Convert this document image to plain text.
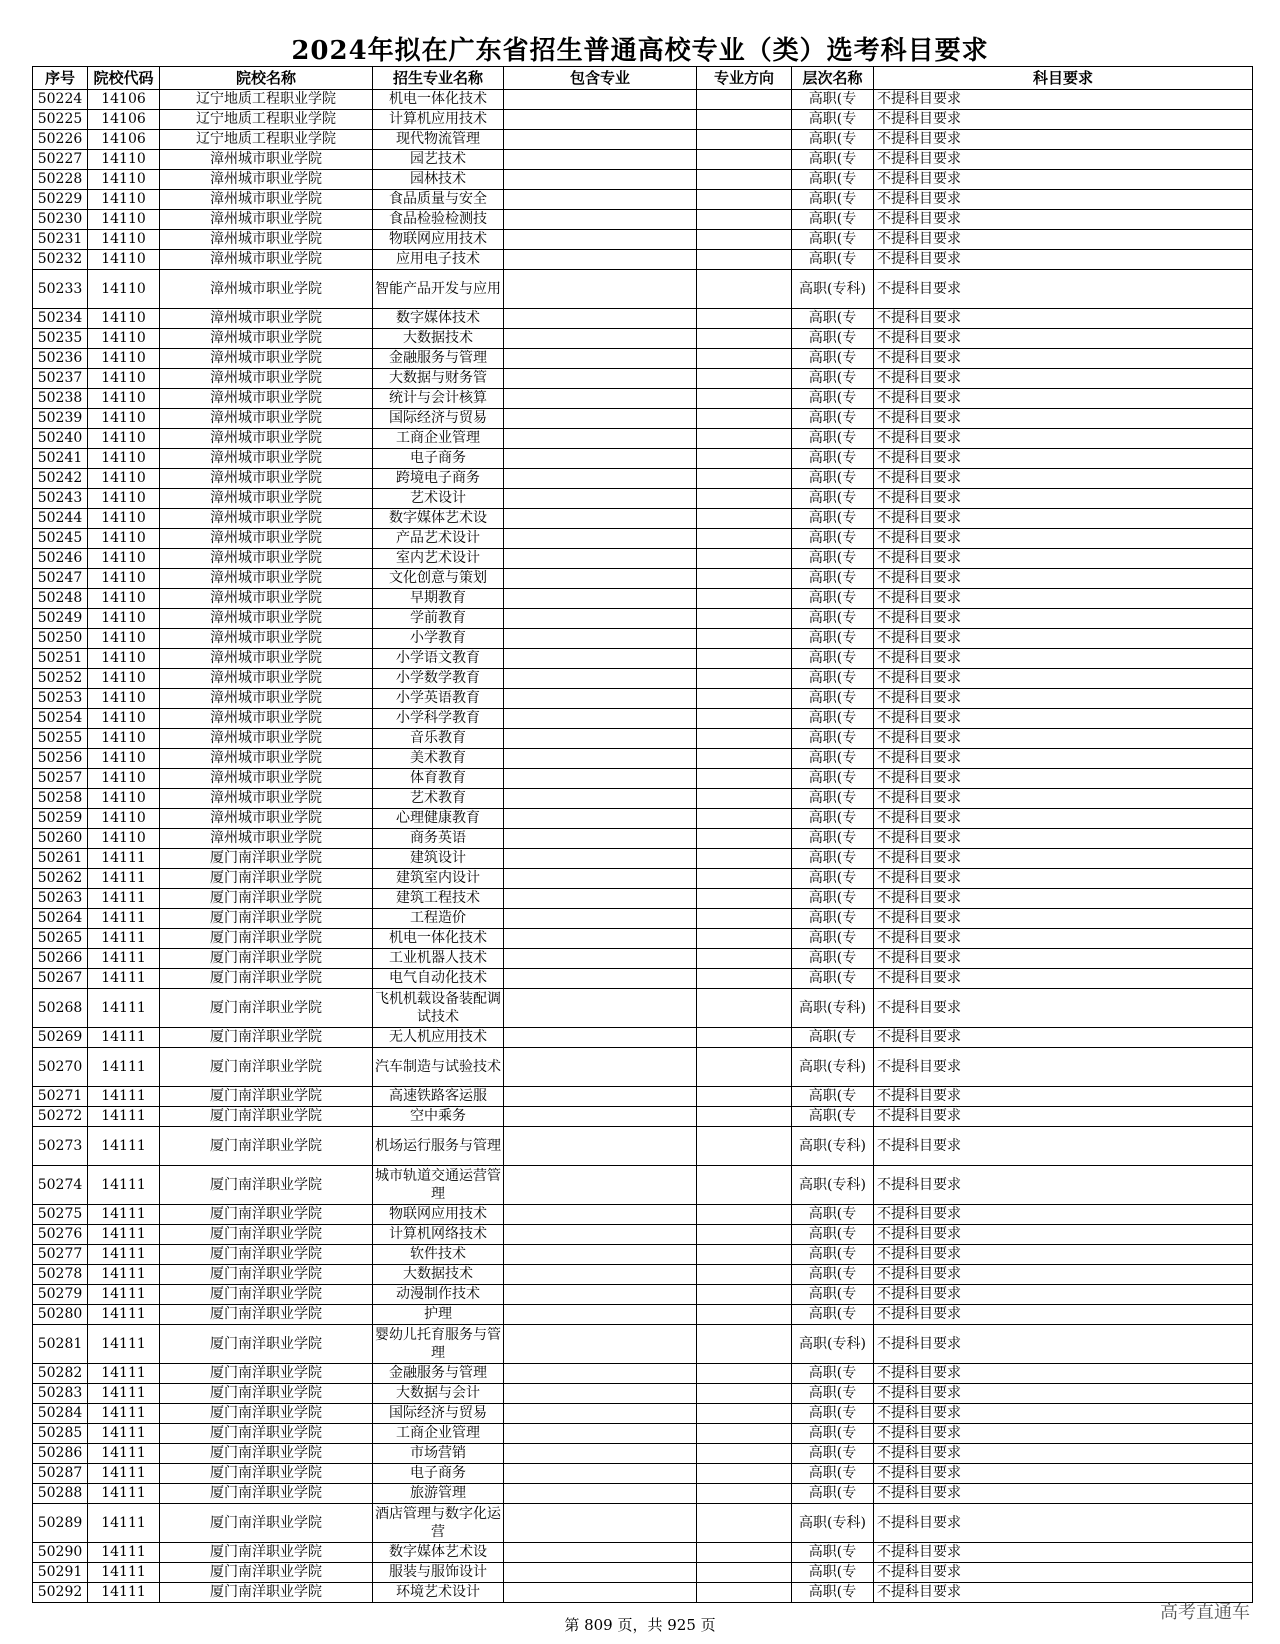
2024年拟在广东省招生普通高校专业（类）选考科目要求
序号	院校代码	院校名称	招生专业名称	包含专业	专业方向	层次名称	科目要求
50224	14106	辽宁地质工程职业学院	机电一体化技术			高职(专	不提科目要求
50225	14106	辽宁地质工程职业学院	计算机应用技术			高职(专	不提科目要求
50226	14106	辽宁地质工程职业学院	现代物流管理			高职(专	不提科目要求
50227	14110	漳州城市职业学院	园艺技术			高职(专	不提科目要求
50228	14110	漳州城市职业学院	园林技术			高职(专	不提科目要求
50229	14110	漳州城市职业学院	食品质量与安全			高职(专	不提科目要求
50230	14110	漳州城市职业学院	食品检验检测技			高职(专	不提科目要求
50231	14110	漳州城市职业学院	物联网应用技术			高职(专	不提科目要求
50232	14110	漳州城市职业学院	应用电子技术			高职(专	不提科目要求
50233	14110	漳州城市职业学院	智能产品开发与应用			高职(专科)	不提科目要求
50234	14110	漳州城市职业学院	数字媒体技术			高职(专	不提科目要求
50235	14110	漳州城市职业学院	大数据技术			高职(专	不提科目要求
50236	14110	漳州城市职业学院	金融服务与管理			高职(专	不提科目要求
50237	14110	漳州城市职业学院	大数据与财务管			高职(专	不提科目要求
50238	14110	漳州城市职业学院	统计与会计核算			高职(专	不提科目要求
50239	14110	漳州城市职业学院	国际经济与贸易			高职(专	不提科目要求
50240	14110	漳州城市职业学院	工商企业管理			高职(专	不提科目要求
50241	14110	漳州城市职业学院	电子商务			高职(专	不提科目要求
50242	14110	漳州城市职业学院	跨境电子商务			高职(专	不提科目要求
50243	14110	漳州城市职业学院	艺术设计			高职(专	不提科目要求
50244	14110	漳州城市职业学院	数字媒体艺术设			高职(专	不提科目要求
50245	14110	漳州城市职业学院	产品艺术设计			高职(专	不提科目要求
50246	14110	漳州城市职业学院	室内艺术设计			高职(专	不提科目要求
50247	14110	漳州城市职业学院	文化创意与策划			高职(专	不提科目要求
50248	14110	漳州城市职业学院	早期教育			高职(专	不提科目要求
50249	14110	漳州城市职业学院	学前教育			高职(专	不提科目要求
50250	14110	漳州城市职业学院	小学教育			高职(专	不提科目要求
50251	14110	漳州城市职业学院	小学语文教育			高职(专	不提科目要求
50252	14110	漳州城市职业学院	小学数学教育			高职(专	不提科目要求
50253	14110	漳州城市职业学院	小学英语教育			高职(专	不提科目要求
50254	14110	漳州城市职业学院	小学科学教育			高职(专	不提科目要求
50255	14110	漳州城市职业学院	音乐教育			高职(专	不提科目要求
50256	14110	漳州城市职业学院	美术教育			高职(专	不提科目要求
50257	14110	漳州城市职业学院	体育教育			高职(专	不提科目要求
50258	14110	漳州城市职业学院	艺术教育			高职(专	不提科目要求
50259	14110	漳州城市职业学院	心理健康教育			高职(专	不提科目要求
50260	14110	漳州城市职业学院	商务英语			高职(专	不提科目要求
50261	14111	厦门南洋职业学院	建筑设计			高职(专	不提科目要求
50262	14111	厦门南洋职业学院	建筑室内设计			高职(专	不提科目要求
50263	14111	厦门南洋职业学院	建筑工程技术			高职(专	不提科目要求
50264	14111	厦门南洋职业学院	工程造价			高职(专	不提科目要求
50265	14111	厦门南洋职业学院	机电一体化技术			高职(专	不提科目要求
50266	14111	厦门南洋职业学院	工业机器人技术			高职(专	不提科目要求
50267	14111	厦门南洋职业学院	电气自动化技术			高职(专	不提科目要求
50268	14111	厦门南洋职业学院	飞机机载设备装配调试技术			高职(专科)	不提科目要求
50269	14111	厦门南洋职业学院	无人机应用技术			高职(专	不提科目要求
50270	14111	厦门南洋职业学院	汽车制造与试验技术			高职(专科)	不提科目要求
50271	14111	厦门南洋职业学院	高速铁路客运服			高职(专	不提科目要求
50272	14111	厦门南洋职业学院	空中乘务			高职(专	不提科目要求
50273	14111	厦门南洋职业学院	机场运行服务与管理			高职(专科)	不提科目要求
50274	14111	厦门南洋职业学院	城市轨道交通运营管理			高职(专科)	不提科目要求
50275	14111	厦门南洋职业学院	物联网应用技术			高职(专	不提科目要求
50276	14111	厦门南洋职业学院	计算机网络技术			高职(专	不提科目要求
50277	14111	厦门南洋职业学院	软件技术			高职(专	不提科目要求
50278	14111	厦门南洋职业学院	大数据技术			高职(专	不提科目要求
50279	14111	厦门南洋职业学院	动漫制作技术			高职(专	不提科目要求
50280	14111	厦门南洋职业学院	护理			高职(专	不提科目要求
50281	14111	厦门南洋职业学院	婴幼儿托育服务与管理			高职(专科)	不提科目要求
50282	14111	厦门南洋职业学院	金融服务与管理			高职(专	不提科目要求
50283	14111	厦门南洋职业学院	大数据与会计			高职(专	不提科目要求
50284	14111	厦门南洋职业学院	国际经济与贸易			高职(专	不提科目要求
50285	14111	厦门南洋职业学院	工商企业管理			高职(专	不提科目要求
50286	14111	厦门南洋职业学院	市场营销			高职(专	不提科目要求
50287	14111	厦门南洋职业学院	电子商务			高职(专	不提科目要求
50288	14111	厦门南洋职业学院	旅游管理			高职(专	不提科目要求
50289	14111	厦门南洋职业学院	酒店管理与数字化运营			高职(专科)	不提科目要求
50290	14111	厦门南洋职业学院	数字媒体艺术设			高职(专	不提科目要求
50291	14111	厦门南洋职业学院	服装与服饰设计			高职(专	不提科目要求
50292	14111	厦门南洋职业学院	环境艺术设计			高职(专	不提科目要求
第 809 页，共 925 页
高考直通车
